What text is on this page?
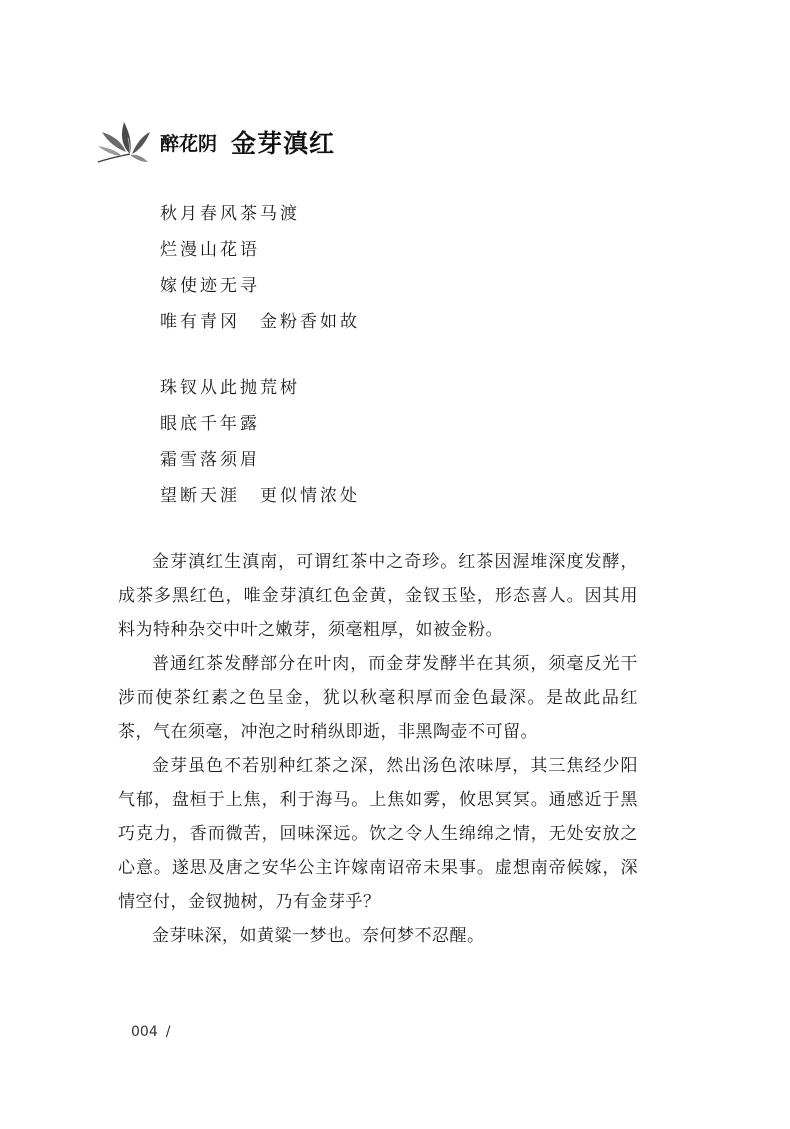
醉花阴 金芽滇红
秋月春风茶马渡
烂漫山花语
嫁使迹无寻
唯有青冈　金粉香如故
珠钗从此抛荒树
眼底千年露
霜雪落须眉
望断天涯　更似情浓处

金芽滇红生滇南，可谓红茶中之奇珍。红茶因渥堆深度发酵，成茶多黑红色，唯金芽滇红色金黄，金钗玉坠，形态喜人。因其用料为特种杂交中叶之嫩芽，须毫粗厚，如被金粉。

普通红茶发酵部分在叶肉，而金芽发酵半在其须，须毫反光干涉而使茶红素之色呈金，犹以秋毫积厚而金色最深。是故此品红茶，气在须毫，冲泡之时稍纵即逝，非黑陶壶不可留。

金芽虽色不若别种红茶之深，然出汤色浓味厚，其三焦经少阳气郁，盘桓于上焦，利于海马。上焦如雾，攸思冥冥。通感近于黑巧克力，香而微苦，回味深远。饮之令人生绵绵之情，无处安放之心意。遂思及唐之安华公主许嫁南诏帝未果事。虚想南帝候嫁，深情空付，金钗抛树，乃有金芽乎？

金芽味深，如黄粱一梦也。奈何梦不忍醒。

004 /
